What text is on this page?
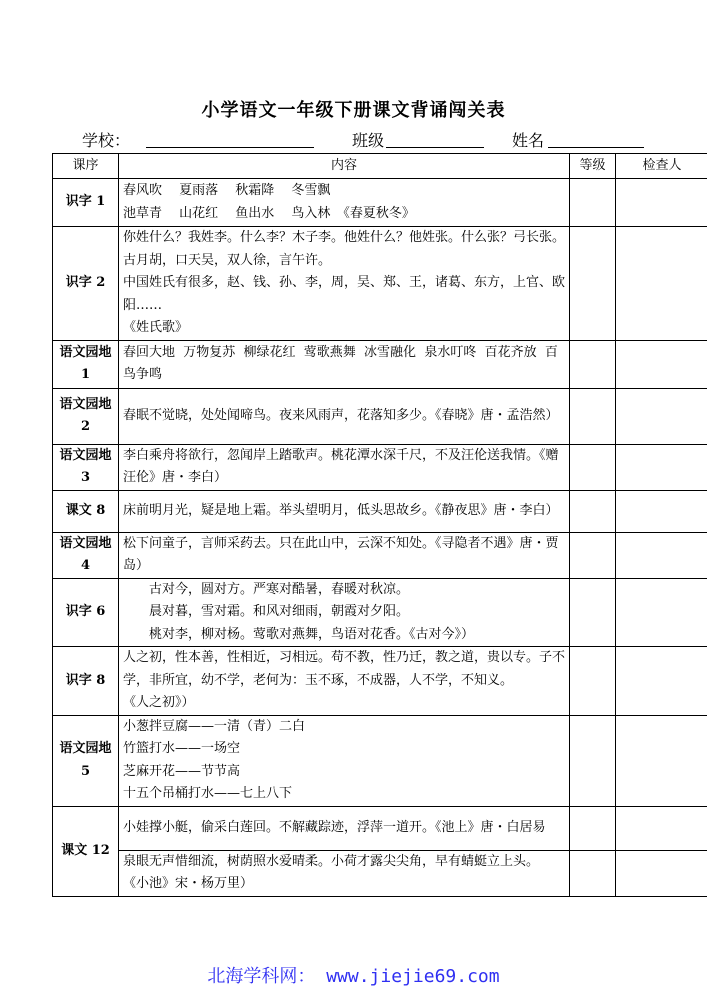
小学语文一年级下册课文背诵闯关表
学校：	班级	姓名
课序	内容	等级	检查人
识字 1	春风吹　 夏雨落　 秋霜降　 冬雪飘
池草青　 山花红　 鱼出水　 鸟入林　《春夏秋冬》		

识字 2	你姓什么？我姓李。什么李？木子李。他姓什么？他姓张。什么张？弓长张。古月胡，口天吴，双人徐，言午许。
中国姓氏有很多，赵、钱、孙、李，周，吴、郑、王，诸葛、东方，上官、欧阳……
《姓氏歌》		

语文园地 1	春回大地  万物复苏  柳绿花红  莺歌燕舞  冰雪融化  泉水叮咚  百花齐放  百鸟争鸣		

语文园地 2	春眠不觉晓，处处闻啼鸟。夜来风雨声，花落知多少。《春晓》唐・孟浩然）		

语文园地 3	李白乘舟将欲行，忽闻岸上踏歌声。桃花潭水深千尺，不及汪伦送我情。《赠汪伦》唐・李白）		

课文 8	床前明月光，疑是地上霜。举头望明月，低头思故乡。《静夜思》唐・李白）		

语文园地 4	松下问童子，言师采药去。只在此山中，云深不知处。《寻隐者不遇》唐・贾岛）		

识字 6	　　古对今，圆对方。严寒对酷暑，春暖对秋凉。
　　晨对暮，雪对霜。和风对细雨，朝霞对夕阳。
　　桃对李，柳对杨。莺歌对燕舞，鸟语对花香。《古对今》）		

识字 8	人之初，性本善，性相近，习相远。苟不教，性乃迁，教之道，贵以专。子不学，非所宜，幼不学，老何为：玉不琢，不成器，人不学，不知义。
《人之初》）		

语文园地 5	小葱拌豆腐——一清（青）二白
竹篮打水——一场空
芝麻开花——节节高
十五个吊桶打水——七上八下		

课文 12	小娃撑小艇，偷采白莲回。不解藏踪迹，浮萍一道开。《池上》唐・白居易		

	泉眼无声惜细流，树荫照水爱晴柔。小荷才露尖尖角，早有蜻蜓立上头。
《小池》宋・杨万里）		

北海学科网： www.jiejie69.com
